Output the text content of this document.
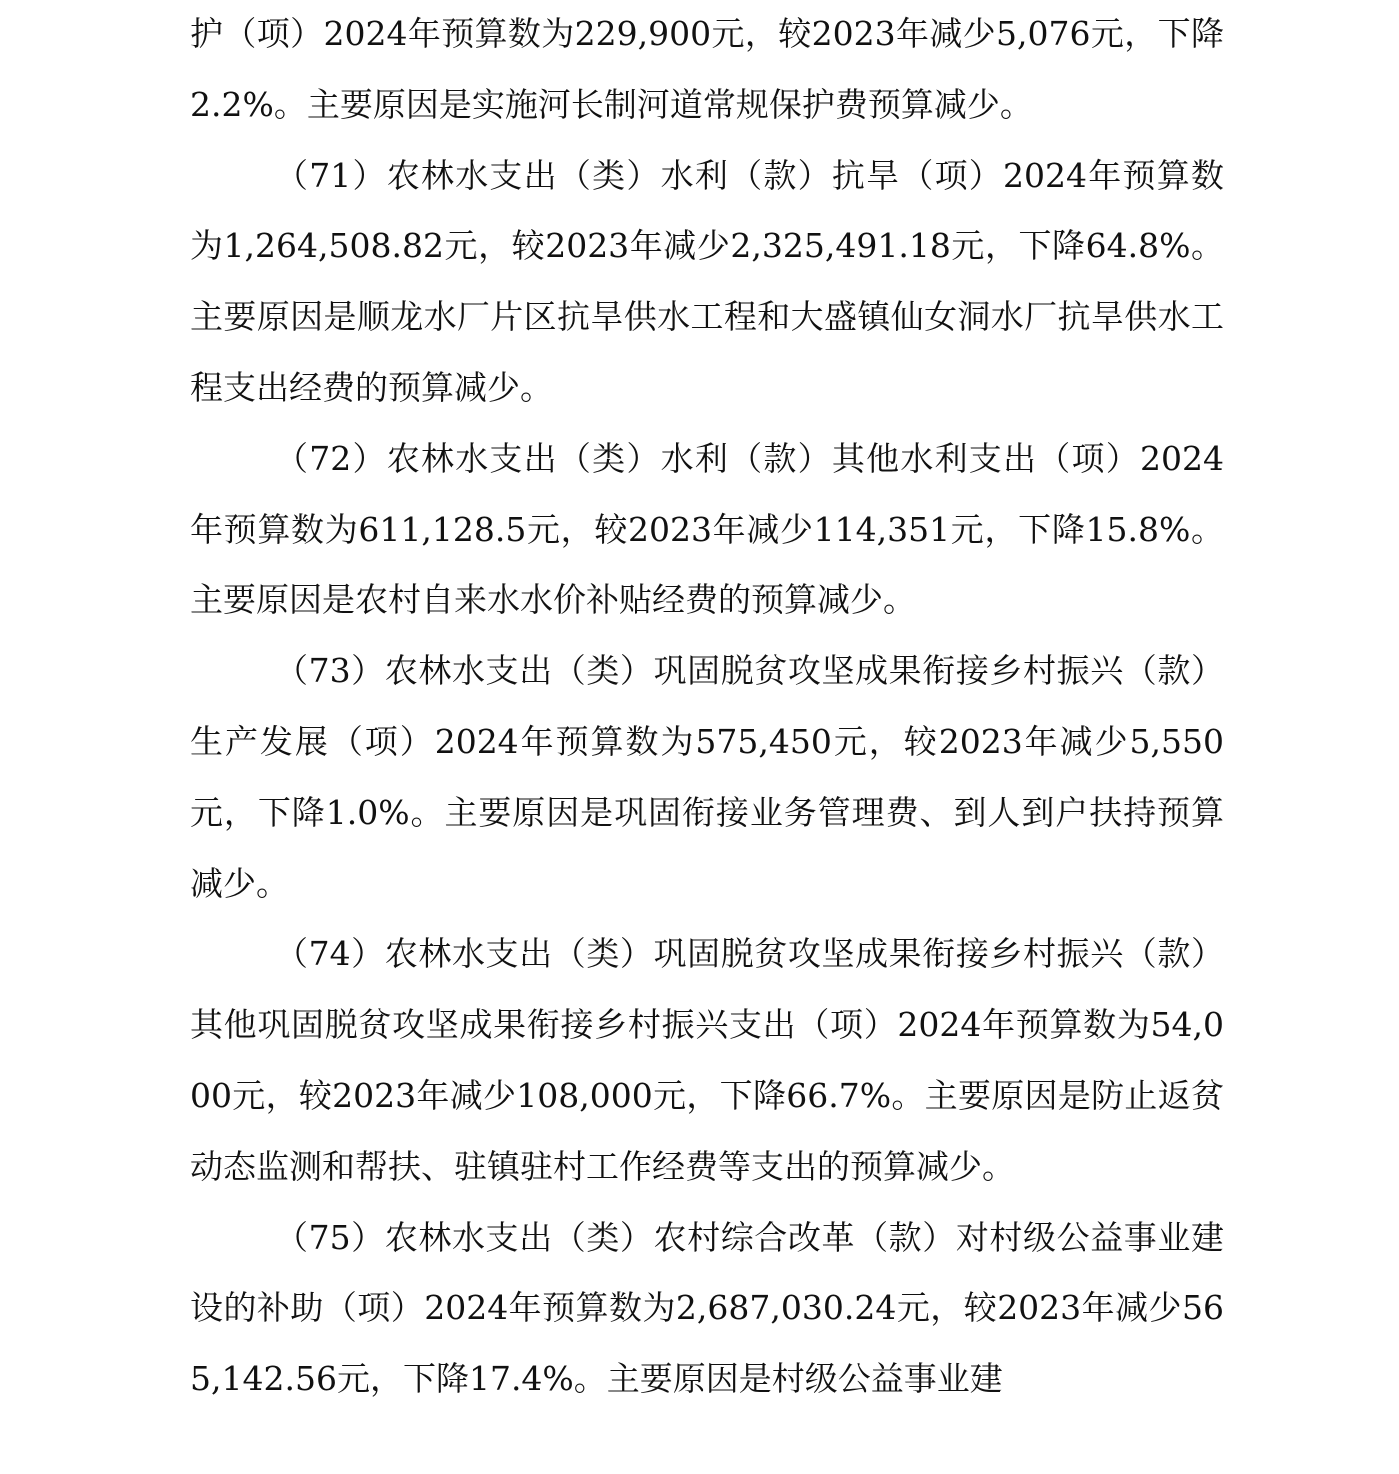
护（项）2024年预算数为229,900元，较2023年减少5,076元，下降2.2%。主要原因是实施河长制河道常规保护费预算减少。

（71）农林水支出（类）水利（款）抗旱（项）2024年预算数为1,264,508.82元，较2023年减少2,325,491.18元，下降64.8%。主要原因是顺龙水厂片区抗旱供水工程和大盛镇仙女洞水厂抗旱供水工程支出经费的预算减少。

（72）农林水支出（类）水利（款）其他水利支出（项）2024年预算数为611,128.5元，较2023年减少114,351元，下降15.8%。主要原因是农村自来水水价补贴经费的预算减少。

（73）农林水支出（类）巩固脱贫攻坚成果衔接乡村振兴（款）生产发展（项）2024年预算数为575,450元，较2023年减少5,550元，下降1.0%。主要原因是巩固衔接业务管理费、到人到户扶持预算减少。

（74）农林水支出（类）巩固脱贫攻坚成果衔接乡村振兴（款）其他巩固脱贫攻坚成果衔接乡村振兴支出（项）2024年预算数为54,000元，较2023年减少108,000元，下降66.7%。主要原因是防止返贫动态监测和帮扶、驻镇驻村工作经费等支出的预算减少。

（75）农林水支出（类）农村综合改革（款）对村级公益事业建设的补助（项）2024年预算数为2,687,030.24元，较2023年减少565,142.56元，下降17.4%。主要原因是村级公益事业建
